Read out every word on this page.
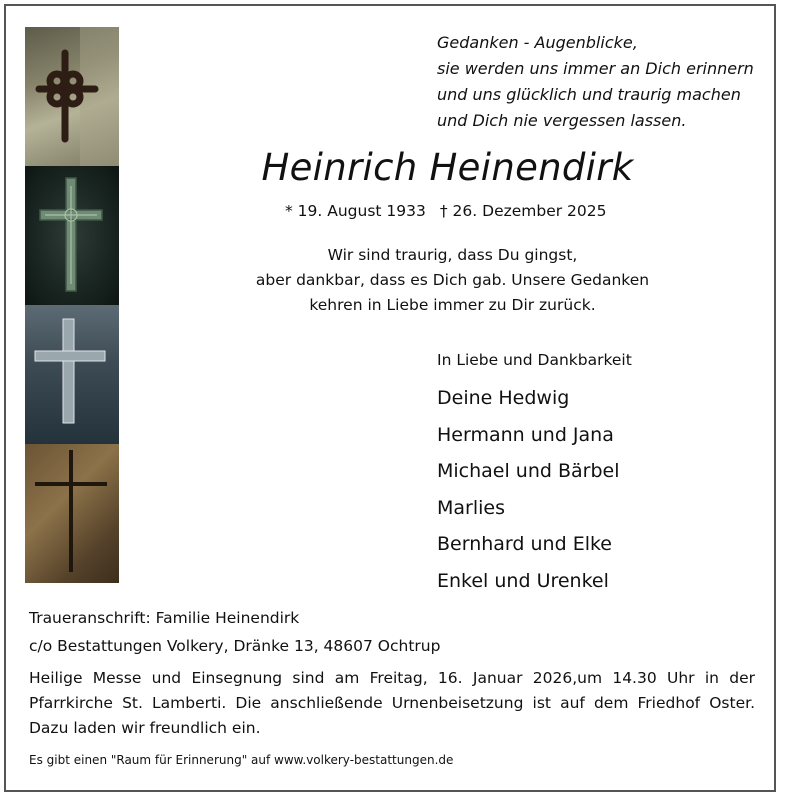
Gedanken - Augenblicke,
sie werden uns immer an Dich erinnern
und uns glücklich und traurig machen
und Dich nie vergessen lassen.
Heinrich Heinendirk
* 19. August 1933 † 26. Dezember 2025
Wir sind traurig, dass Du gingst,
aber dankbar, dass es Dich gab. Unsere Gedanken
kehren in Liebe immer zu Dir zurück.
In Liebe und Dankbarkeit
Deine Hedwig
Hermann und Jana
Michael und Bärbel
Marlies
Bernhard und Elke
Enkel und Urenkel
Traueranschrift: Familie Heinendirk
c/o Bestattungen Volkery, Dränke 13, 48607 Ochtrup

Heilige Messe und Einsegnung sind am Freitag, 16. Januar 2026,um 14.30 Uhr in der Pfarrkirche St. Lamberti. Die anschließende Urnenbeisetzung ist auf dem Friedhof Oster. Dazu laden wir freundlich ein.

Es gibt einen "Raum für Erinnerung" auf www.volkery-bestattungen.de
